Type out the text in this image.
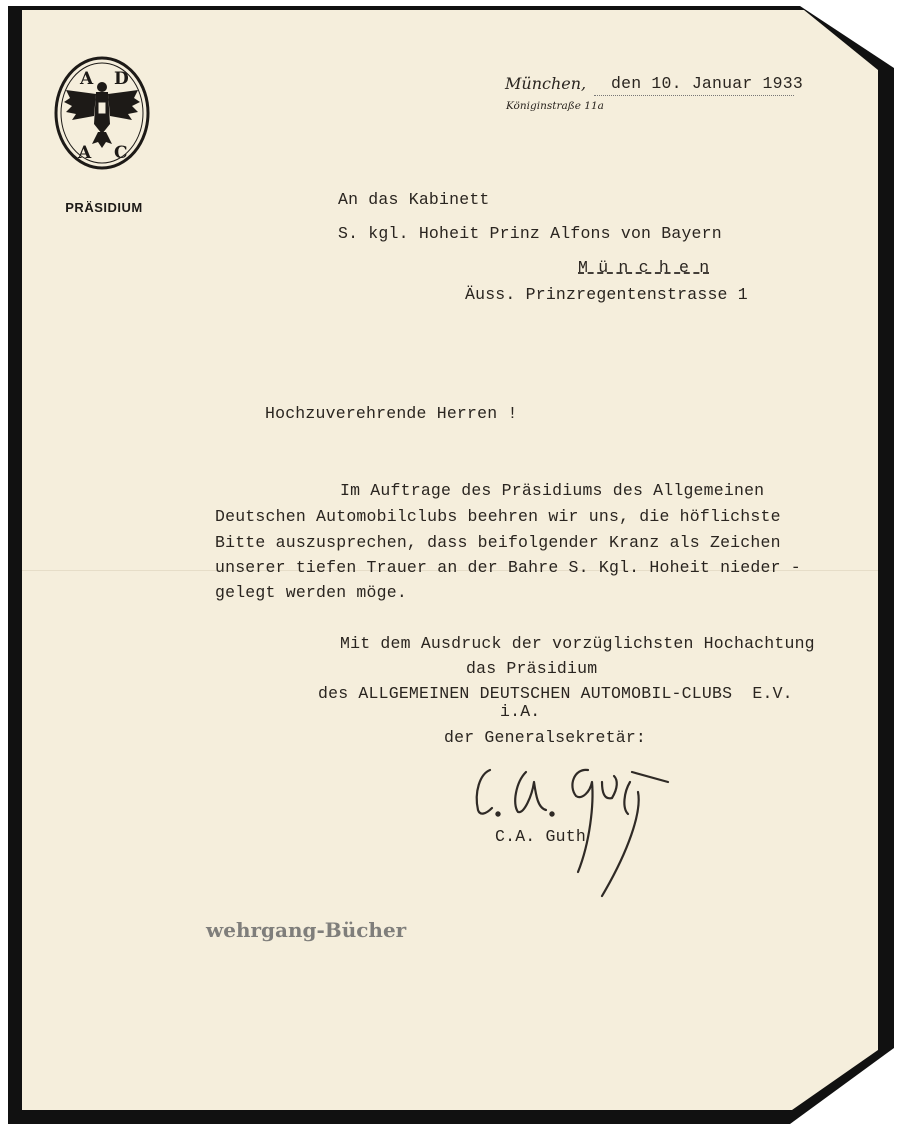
A D
A C
PRÄSIDIUM
München, den 10. Januar 1933
Königinstraße 11a
An das Kabinett
S. kgl. Hoheit Prinz Alfons von Bayern
M ü n c h e n
Äuss. Prinzregentenstrasse 1
Hochzuverehrende Herren !
Im Auftrage des Präsidiums des Allgemeinen
Deutschen Automobilclubs beehren wir uns, die höflichste
Bitte auszusprechen, dass beifolgender Kranz als Zeichen
unserer tiefen Trauer an der Bahre S. Kgl. Hoheit nieder -
gelegt werden möge.
Mit dem Ausdruck der vorzüglichsten Hochachtung
das Präsidium
des ALLGEMEINEN DEUTSCHEN AUTOMOBIL-CLUBS  E.V.
i.A.
der Generalsekretär:
C.A. Guth
wehrgang-Bücher
